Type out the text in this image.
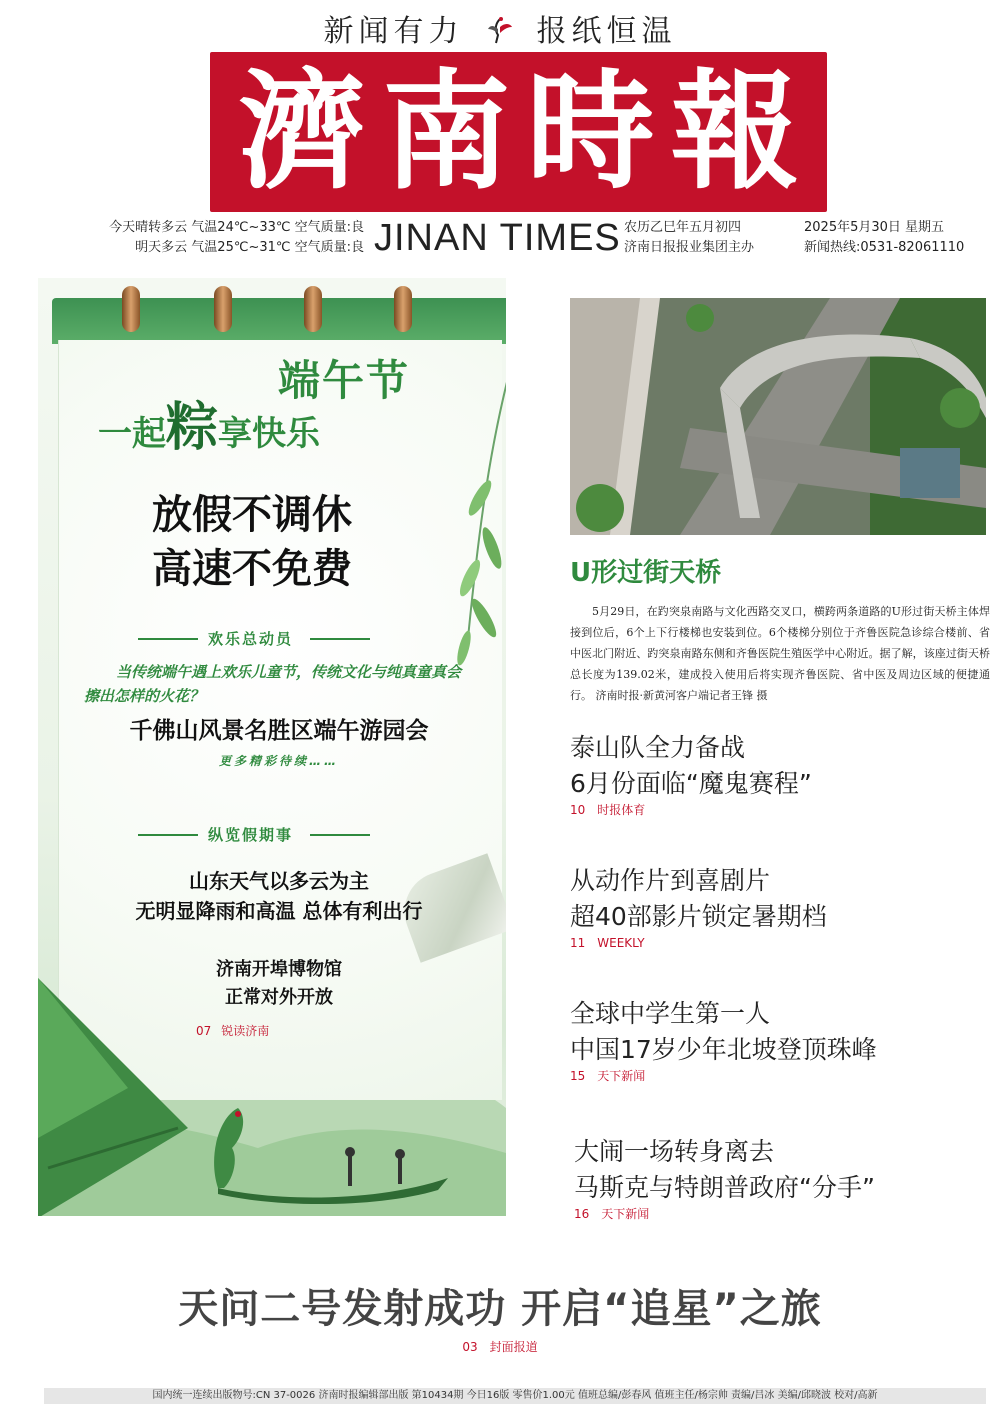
新闻有力 报纸恒温
濟 南 時 報
今天晴转多云 气温24℃~33℃ 空气质量:良
明天多云 气温25℃~31℃ 空气质量:良 JINAN TIMES 农历乙巳年五月初四
济南日报报业集团主办
2025年5月30日 星期五
新闻热线:0531-82061110
端午节
一起粽享快乐
放假不调休
高速不免费
欢乐总动员
当传统端午遇上欢乐儿童节，传统文化与纯真童真会擦出怎样的火花？
千佛山风景名胜区端午游园会
更多精彩待续……
纵览假期事
山东天气以多云为主
无明显降雨和高温 总体有利出行
济南开埠博物馆
正常对外开放
07 锐读济南
U形过街天桥
5月29日，在趵突泉南路与文化西路交叉口，横跨两条道路的U形过街天桥主体焊接到位后，6个上下行楼梯也安装到位。6个楼梯分别位于齐鲁医院急诊综合楼前、省中医北门附近、趵突泉南路东侧和齐鲁医院生殖医学中心附近。据了解，该座过街天桥总长度为139.02米，建成投入使用后将实现齐鲁医院、省中医及周边区域的便捷通行。 济南时报·新黄河客户端记者王锋 摄
泰山队全力备战
6月份面临“魔鬼赛程”
10 时报体育
从动作片到喜剧片
超40部影片锁定暑期档
11 WEEKLY
全球中学生第一人
中国17岁少年北坡登顶珠峰
15 天下新闻
大闹一场转身离去
马斯克与特朗普政府“分手”
16 天下新闻
天问二号发射成功 开启“追星”之旅
03 封面报道
国内统一连续出版物号:CN 37-0026 济南时报编辑部出版 第10434期 今日16版 零售价1.00元 值班总编/彭春风 值班主任/杨宗帅 责编/吕冰 美编/邱晓波 校对/高新
